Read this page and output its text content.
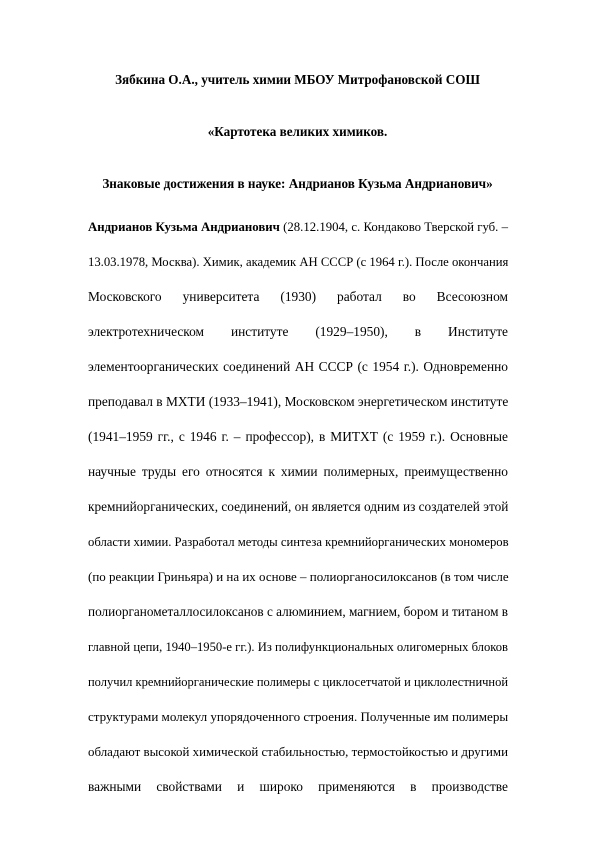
Зябкина О.А., учитель химии МБОУ Митрофановской СОШ
«Картотека великих химиков.
Знаковые достижения в науке: Андрианов Кузьма Андрианович»
Андрианов Кузьма Андрианович (28.12.1904, с. Кондаково Тверской губ. –
13.03.1978, Москва). Химик, академик АН СССР (с 1964 г.). После окончания
Московского университета (1930) работал во Всесоюзном
электротехническом институте (1929–1950), в Институте
элементоорганических соединений АН СССР (с 1954 г.). Одновременно
преподавал в МХТИ (1933–1941), Московском энергетическом институте
(1941–1959 гг., с 1946 г. – профессор), в МИТХТ (с 1959 г.). Основные
научные труды его относятся к химии полимерных, преимущественно
кремнийорганических, соединений, он является одним из создателей этой
области химии. Разработал методы синтеза кремнийорганических мономеров
(по реакции Гриньяра) и на их основе – полиорганосилоксанов (в том числе
полиорганометаллосилоксанов с алюминием, магнием, бором и титаном в
главной цепи, 1940–1950-е гг.). Из полифункциональных олигомерных блоков
получил кремнийорганические полимеры с циклосетчатой и циклолестничной
структурами молекул упорядоченного строения. Полученные им полимеры
обладают высокой химической стабильностью, термостойкостью и другими
важными свойствами и широко применяются в производстве
